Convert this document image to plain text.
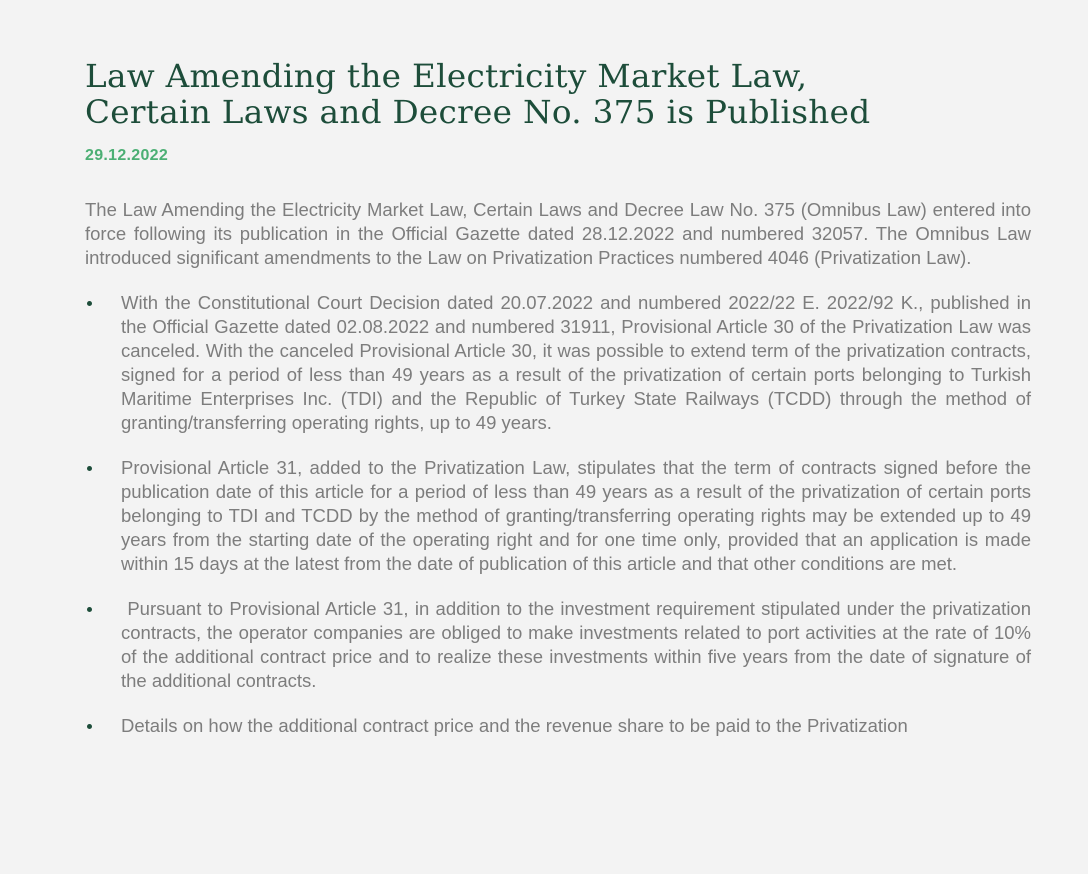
Law Amending the Electricity Market Law,
Certain Laws and Decree No. 375 is Published
29.12.2022

The Law Amending the Electricity Market Law, Certain Laws and Decree Law No. 375 (Omnibus Law) entered into force following its publication in the Official Gazette dated 28.12.2022 and numbered 32057. The Omnibus Law introduced significant amendments to the Law on Privatization Practices numbered 4046 (Privatization Law).

With the Constitutional Court Decision dated 20.07.2022 and numbered 2022/22 E. 2022/92 K., published in the Official Gazette dated 02.08.2022 and numbered 31911, Provisional Article 30 of the Privatization Law was canceled. With the canceled Provisional Article 30, it was possible to extend term of the privatization contracts, signed for a period of less than 49 years as a result of the privatization of certain ports belonging to Turkish Maritime Enterprises Inc. (TDI) and the Republic of Turkey State Railways (TCDD) through the method of granting/transferring operating rights, up to 49 years.
Provisional Article 31, added to the Privatization Law, stipulates that the term of contracts signed before the publication date of this article for a period of less than 49 years as a result of the privatization of certain ports belonging to TDI and TCDD by the method of granting/transferring operating rights may be extended up to 49 years from the starting date of the operating right and for one time only, provided that an application is made within 15 days at the latest from the date of publication of this article and that other conditions are met.
Pursuant to Provisional Article 31, in addition to the investment requirement stipulated under the privatization contracts, the operator companies are obliged to make investments related to port activities at the rate of 10% of the additional contract price and to realize these investments within five years from the date of signature of the additional contracts.
Details on how the additional contract price and the revenue share to be paid to the Privatization
